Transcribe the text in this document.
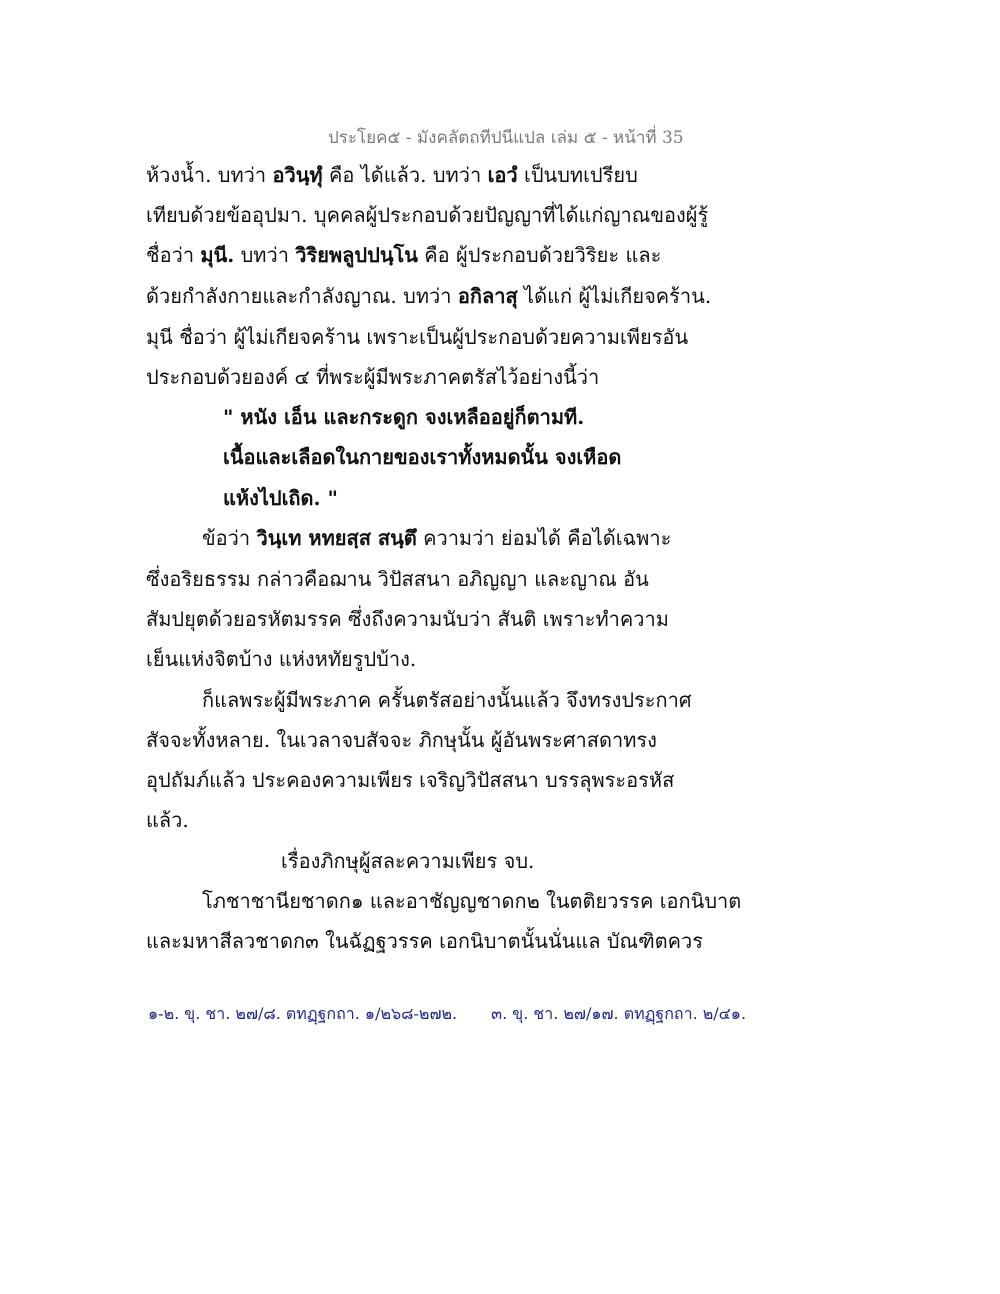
ประโยค๕ - มังคลัตถทีปนีแปล เล่ม ๕ - หน้าที่ 35
ห้วงน้ำ. บทว่า อวินฺทุํ คือ ได้แล้ว. บทว่า เอวํ เป็นบทเปรียบ
เทียบด้วยข้ออุปมา. บุคคลผู้ประกอบด้วยปัญญาที่ได้แก่ญาณของผู้รู้
ชื่อว่า มุนี. บทว่า วิริยพลูปปนฺโน คือ ผู้ประกอบด้วยวิริยะ และ
ด้วยกำลังกายและกำลังญาณ. บทว่า อกิลาสุ ได้แก่ ผู้ไม่เกียจคร้าน.
มุนี ชื่อว่า ผู้ไม่เกียจคร้าน เพราะเป็นผู้ประกอบด้วยความเพียรอัน
ประกอบด้วยองค์ ๔ ที่พระผู้มีพระภาคตรัสไว้อย่างนี้ว่า
" หนัง เอ็น และกระดูก จงเหลืออยู่ก็ตามที.
เนื้อและเลือดในกายของเราทั้งหมดนั้น จงเหือด
แห้งไปเถิด. "
ข้อว่า วินฺเท หทยสฺส สนฺตึ ความว่า ย่อมได้ คือได้เฉพาะ
ซึ่งอริยธรรม กล่าวคือฌาน วิปัสสนา อภิญญา และญาณ อัน
สัมปยุตด้วยอรหัตมรรค ซึ่งถึงความนับว่า สันติ เพราะทำความ
เย็นแห่งจิตบ้าง แห่งหทัยรูปบ้าง.
ก็แลพระผู้มีพระภาค ครั้นตรัสอย่างนั้นแล้ว จึงทรงประกาศ
สัจจะทั้งหลาย. ในเวลาจบสัจจะ ภิกษุนั้น ผู้อันพระศาสดาทรง
อุปถัมภ์แล้ว ประคองความเพียร เจริญวิปัสสนา บรรลุพระอรหัส
แล้ว.
เรื่องภิกษุผู้สละความเพียร จบ.
โภชาชานียชาดก๑ และอาชัญญชาดก๒ ในตติยวรรค เอกนิบาต
และมหาสีลวชาดก๓ ในฉัฏฐวรรค เอกนิบาตนั้นนั่นแล บัณฑิตควร
๑-๒. ขุ. ชา. ๒๗/๘. ตทฏฺฐกถา. ๑/๒๖๘-๒๗๒. ๓. ขุ. ชา. ๒๗/๑๗. ตทฏฺฐกถา. ๒/๔๑.
